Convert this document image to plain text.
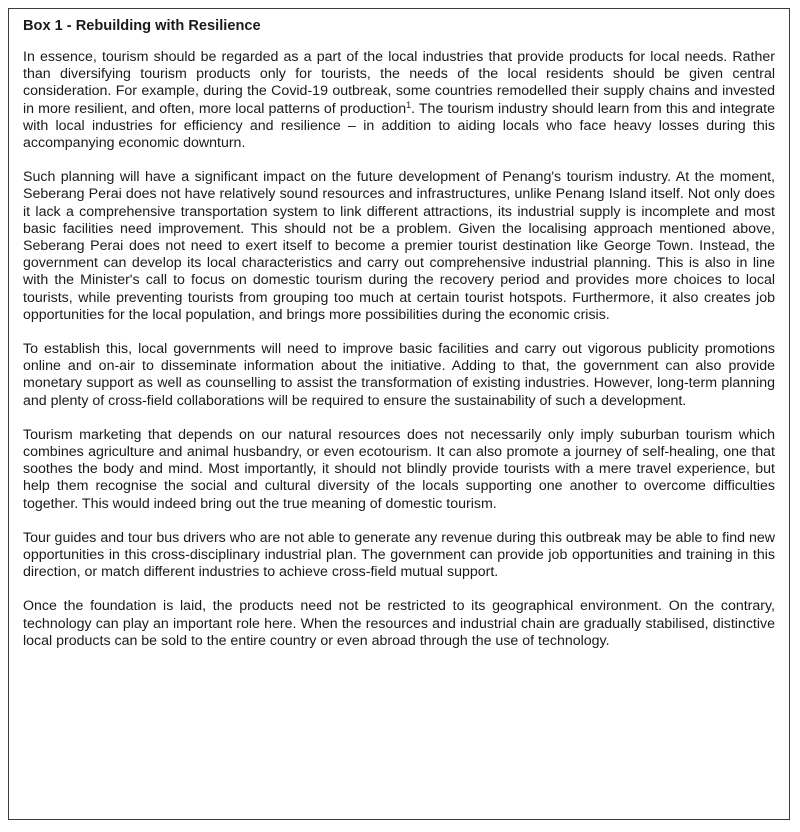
Box 1 - Rebuilding with Resilience

In essence, tourism should be regarded as a part of the local industries that provide products for local needs. Rather than diversifying tourism products only for tourists, the needs of the local residents should be given central consideration. For example, during the Covid-19 outbreak, some countries remodelled their supply chains and invested in more resilient, and often, more local patterns of production$^1$. The tourism industry should learn from this and integrate with local industries for efficiency and resilience – in addition to aiding locals who face heavy losses during this accompanying economic downturn.

Such planning will have a significant impact on the future development of Penang's tourism industry. At the moment, Seberang Perai does not have relatively sound resources and infrastructures, unlike Penang Island itself. Not only does it lack a comprehensive transportation system to link different attractions, its industrial supply is incomplete and most basic facilities need improvement. This should not be a problem. Given the localising approach mentioned above, Seberang Perai does not need to exert itself to become a premier tourist destination like George Town. Instead, the government can develop its local characteristics and carry out comprehensive industrial planning. This is also in line with the Minister's call to focus on domestic tourism during the recovery period and provides more choices to local tourists, while preventing tourists from grouping too much at certain tourist hotspots. Furthermore, it also creates job opportunities for the local population, and brings more possibilities during the economic crisis.

To establish this, local governments will need to improve basic facilities and carry out vigorous publicity promotions online and on-air to disseminate information about the initiative. Adding to that, the government can also provide monetary support as well as counselling to assist the transformation of existing industries. However, long-term planning and plenty of cross-field collaborations will be required to ensure the sustainability of such a development.

Tourism marketing that depends on our natural resources does not necessarily only imply suburban tourism which combines agriculture and animal husbandry, or even ecotourism. It can also promote a journey of self-healing, one that soothes the body and mind. Most importantly, it should not blindly provide tourists with a mere travel experience, but help them recognise the social and cultural diversity of the locals supporting one another to overcome difficulties together. This would indeed bring out the true meaning of domestic tourism.

Tour guides and tour bus drivers who are not able to generate any revenue during this outbreak may be able to find new opportunities in this cross-disciplinary industrial plan. The government can provide job opportunities and training in this direction, or match different industries to achieve cross-field mutual support.

Once the foundation is laid, the products need not be restricted to its geographical environment. On the contrary, technology can play an important role here. When the resources and industrial chain are gradually stabilised, distinctive local products can be sold to the entire country or even abroad through the use of technology.
